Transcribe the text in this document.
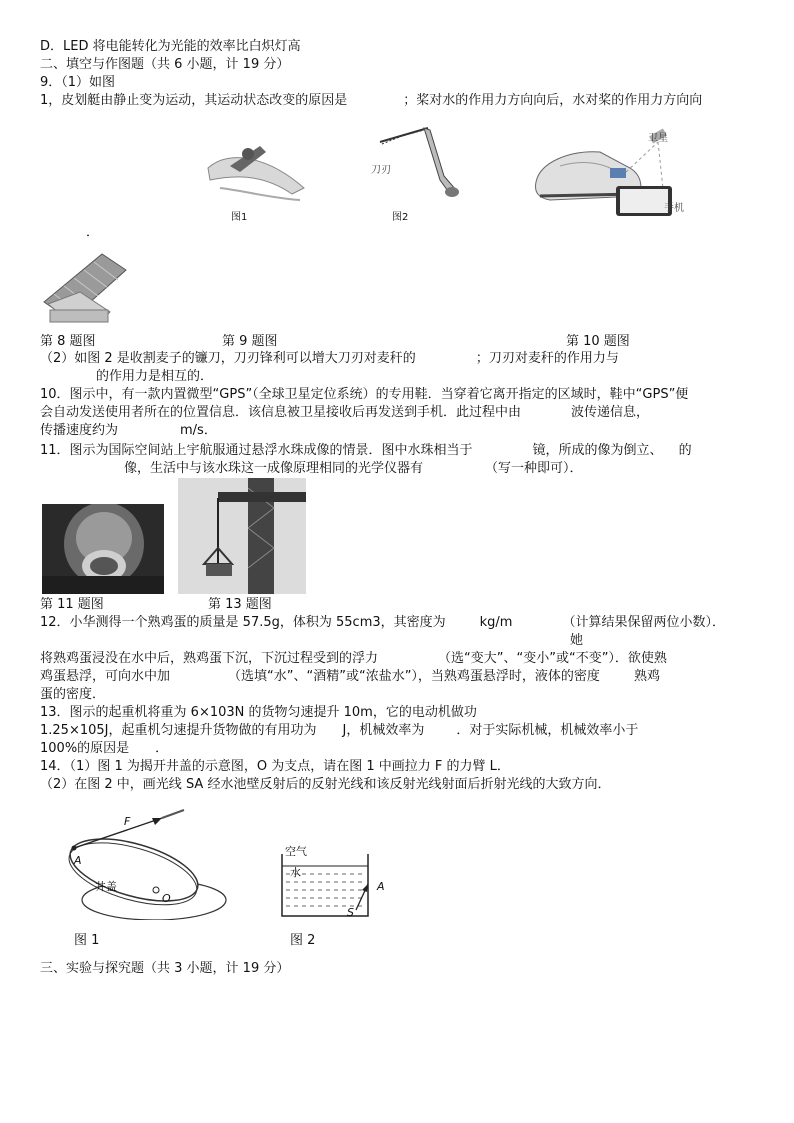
D．LED 将电能转化为光能的效率比白炽灯高
二、填空与作图题（共 6 小题，计 19 分）
9．（1）如图
1，皮划艇由静止变为运动，其运动状态改变的原因是	；桨对水的作用力方向向后，水对桨的作用力方向向
．
图1
刀刃
图2
卫星
手机
第 8 题图	第 9 题图	第 10 题图
（2）如图 2 是收割麦子的镰刀，刀刃锋利可以增大刀刃对麦秆的	；刀刃对麦秆的作用力与
的作用力是相互的．
10．图示中，有一款内置微型“GPS”（全球卫星定位系统）的专用鞋．当穿着它离开指定的区域时，鞋中“GPS”便
会自动发送使用者所在的位置信息．该信息被卫星接收后再发送到手机．此过程中由	波传递信息，
传播速度约为	m/s．
11．图示为国际空间站上宇航服通过悬浮水珠成像的情景．图中水珠相当于	镜，所成的像为倒立、 的
像，生活中与该水珠这一成像原理相同的光学仪器有	（写一种即可）．
第 11 题图	第 13 题图
12．小华测得一个熟鸡蛋的质量是 57.5g，体积为 55cm3，其密度为	kg/m	（计算结果保留两位小数）．
她
将熟鸡蛋浸没在水中后，熟鸡蛋下沉，下沉过程受到的浮力	（选“变大”、“变小”或“不变”）．欲使熟
鸡蛋悬浮，可向水中加	（选填“水”、“酒精”或“浓盐水”），当熟鸡蛋悬浮时，液体的密度	熟鸡
蛋的密度．
13．图示的起重机将重为 6×103N 的货物匀速提升 10m，它的电动机做功
1.25×105J，起重机匀速提升货物做的有用功为 J，机械效率为 ．对于实际机械，机械效率小于
100%的原因是 ．
14．（1）图 1 为揭开井盖的示意图，O 为支点，请在图 1 中画拉力 F 的力臂 L．
（2）在图 2 中，画光线 SA 经水池壁反射后的反射光线和该反射光线射面后折射光线的大致方向．
F
A
O
井盖
空气
水
A
S
图 1	图 2
三、实验与探究题（共 3 小题，计 19 分）
